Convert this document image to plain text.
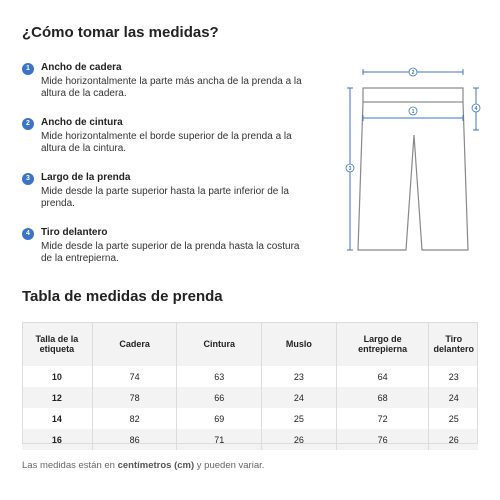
¿Cómo tomar las medidas?
1	Ancho de cadera
Mide horizontalmente la parte más ancha de la prenda a la altura de la cadera.
2	Ancho de cintura
Mide horizontalmente el borde superior de la prenda a la altura de la cintura.
3	Largo de la prenda
Mide desde la parte superior hasta la parte inferior de la prenda.
4	Tiro delantero
Mide desde la parte superior de la prenda hasta la costura de la entrepierna.
2
1
3
4
Tabla de medidas de prenda
Talla de la etiqueta	Cadera	Cintura	Muslo	Largo de entrepierna	Tiro delantero
10	74	63	23	64	23
12	78	66	24	68	24
14	82	69	25	72	25
16	86	71	26	76	26
Las medidas están en centímetros (cm) y pueden variar.
